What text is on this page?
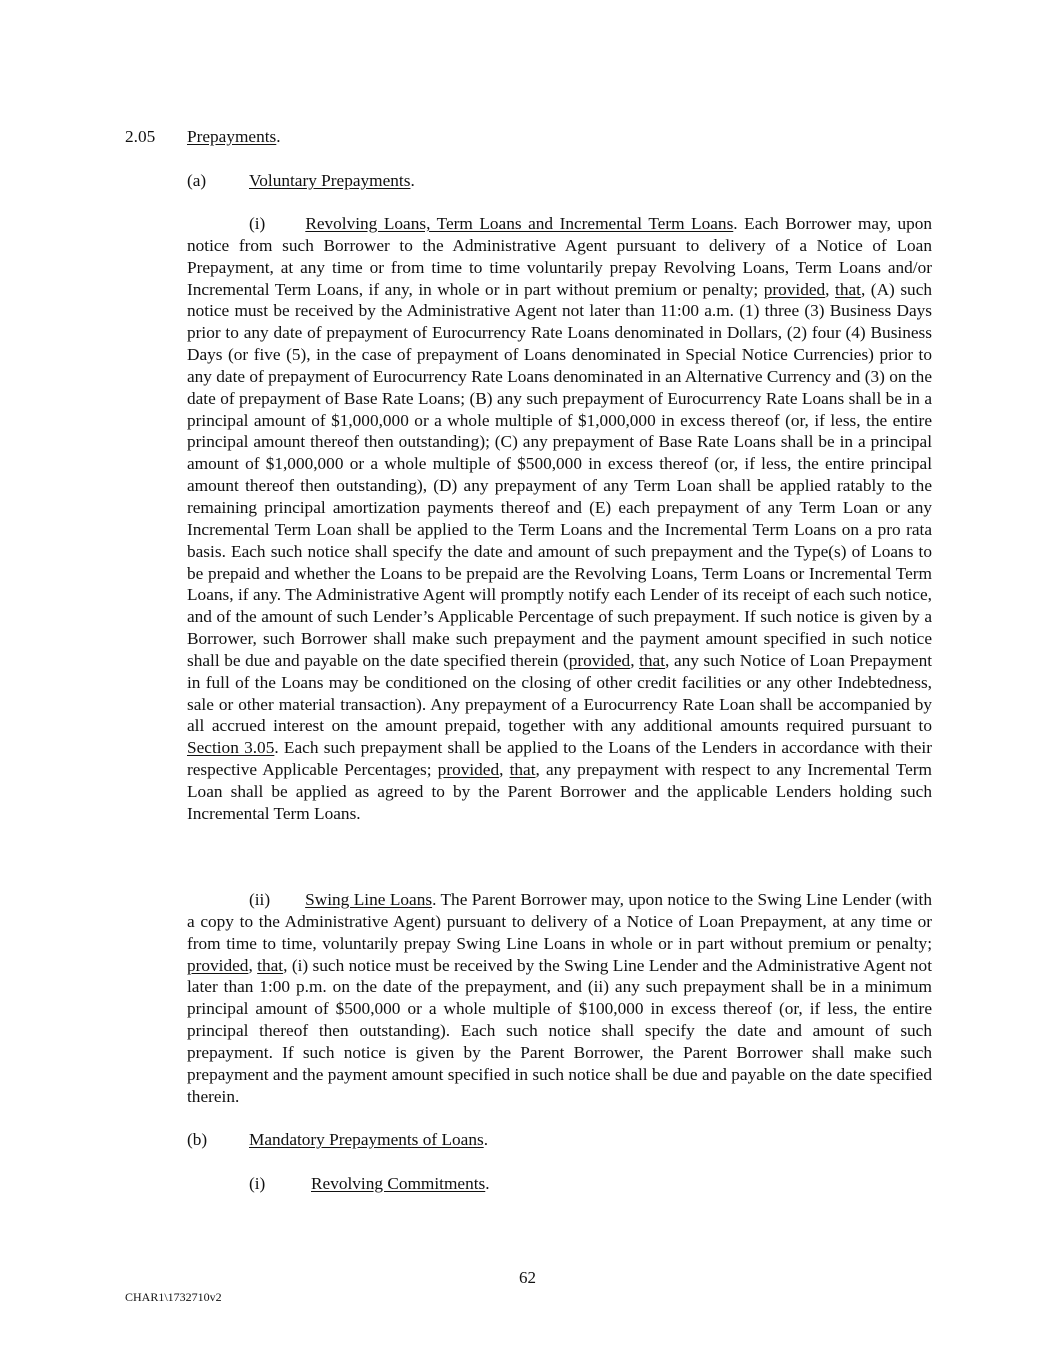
2.05 Prepayments.
(a) Voluntary Prepayments.
(i) Revolving Loans, Term Loans and Incremental Term Loans. Each Borrower may, upon notice from such Borrower to the Administrative Agent pursuant to delivery of a Notice of Loan Prepayment, at any time or from time to time voluntarily prepay Revolving Loans, Term Loans and/or Incremental Term Loans, if any, in whole or in part without premium or penalty; provided, that, (A) such notice must be received by the Administrative Agent not later than 11:00 a.m. (1) three (3) Business Days prior to any date of prepayment of Eurocurrency Rate Loans denominated in Dollars, (2) four (4) Business Days (or five (5), in the case of prepayment of Loans denominated in Special Notice Currencies) prior to any date of prepayment of Eurocurrency Rate Loans denominated in an Alternative Currency and (3) on the date of prepayment of Base Rate Loans; (B) any such prepayment of Eurocurrency Rate Loans shall be in a principal amount of $1,000,000 or a whole multiple of $1,000,000 in excess thereof (or, if less, the entire principal amount thereof then outstanding); (C) any prepayment of Base Rate Loans shall be in a principal amount of $1,000,000 or a whole multiple of $500,000 in excess thereof (or, if less, the entire principal amount thereof then outstanding), (D) any prepayment of any Term Loan shall be applied ratably to the remaining principal amortization payments thereof and (E) each prepayment of any Term Loan or any Incremental Term Loan shall be applied to the Term Loans and the Incremental Term Loans on a pro rata basis. Each such notice shall specify the date and amount of such prepayment and the Type(s) of Loans to be prepaid and whether the Loans to be prepaid are the Revolving Loans, Term Loans or Incremental Term Loans, if any. The Administrative Agent will promptly notify each Lender of its receipt of each such notice, and of the amount of such Lender’s Applicable Percentage of such prepayment. If such notice is given by a Borrower, such Borrower shall make such prepayment and the payment amount specified in such notice shall be due and payable on the date specified therein (provided, that, any such Notice of Loan Prepayment in full of the Loans may be conditioned on the closing of other credit facilities or any other Indebtedness, sale or other material transaction). Any prepayment of a Eurocurrency Rate Loan shall be accompanied by all accrued interest on the amount prepaid, together with any additional amounts required pursuant to Section 3.05. Each such prepayment shall be applied to the Loans of the Lenders in accordance with their respective Applicable Percentages; provided, that, any prepayment with respect to any Incremental Term Loan shall be applied as agreed to by the Parent Borrower and the applicable Lenders holding such Incremental Term Loans.
(ii) Swing Line Loans. The Parent Borrower may, upon notice to the Swing Line Lender (with a copy to the Administrative Agent) pursuant to delivery of a Notice of Loan Prepayment, at any time or from time to time, voluntarily prepay Swing Line Loans in whole or in part without premium or penalty; provided, that, (i) such notice must be received by the Swing Line Lender and the Administrative Agent not later than 1:00 p.m. on the date of the prepayment, and (ii) any such prepayment shall be in a minimum principal amount of $500,000 or a whole multiple of $100,000 in excess thereof (or, if less, the entire principal thereof then outstanding). Each such notice shall specify the date and amount of such prepayment. If such notice is given by the Parent Borrower, the Parent Borrower shall make such prepayment and the payment amount specified in such notice shall be due and payable on the date specified therein.
(b) Mandatory Prepayments of Loans.
(i)	Revolving Commitments.
62
CHAR1\1732710v2
